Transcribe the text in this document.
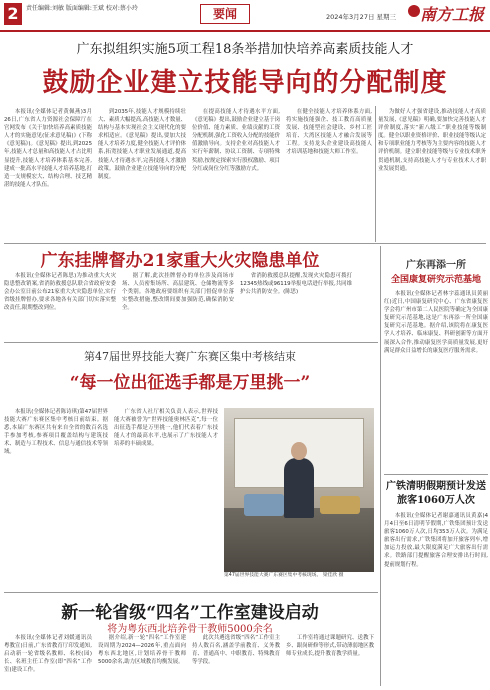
2	责任编辑:刘敏 版面编辑:王斌 校对:蔡小玲	要闻	2024年3月27日 星期三 南方工报
广东拟组织实施5项工程18条举措加快培养高素质技能人才
鼓励企业建立技能导向的分配制度

本报讯(全媒体记者黄佩燕)3月26日,广东省人力资源社会保障厅在官网发布《关于加快培养高素质技能人才的实施意见(征求意见稿)》(下称《意见稿》)。《意见稿》提出,到2025年,技能人才总量和高技能人才占比明显提升,技能人才培养体系基本完善,建成一批高水平技能人才培养基地,打造一支规模宏大、结构合理、技艺精湛的技能人才队伍。

到2035年,技能人才规模持续壮大、素质大幅提高,高技能人才数量、结构与基本实现社会主义现代化的要求相适应。《意见稿》提出,要加大技能人才培养力度,健全技能人才评价体系,拓宽技能人才职业发展通道,提高技能人才待遇水平,完善技能人才激励政策。鼓励企业建立技能导向的分配制度。

在提高技能人才待遇水平方面,《意见稿》提出,鼓励企业建立基于岗位价值、能力素质、业绩贡献的工资分配机制,强化工资收入分配的技能价值激励导向。支持企业对高技能人才实行年薪制、协议工资制、专项特殊奖励,按规定探索实行股权激励、项目分红或岗位分红等激励方式。

在健全技能人才培养体系方面,将实施技能强企、技工教育高质量发展、技能型社会建设、乡村工匠培育、大湾区技能人才融合发展等工程。支持龙头企业建设高技能人才培训基地和技能大师工作室。

为做好人才强省建设,推动技能人才高质量发展,《意见稿》明确,要加快完善技能人才评价制度,落实“新八级工”职业技能等级制度。健全以职业资格评价、职业技能等级认定和专项职业能力考核等为主要内容的技能人才评价机制。建立职业技能等级与专业技术职务贯通机制,支持高技能人才与专业技术人才职业发展贯通。

广东挂牌督办21家重大火灾隐患单位

本报讯(全媒体记者陈思)为推动重大火灾隐患整改销案,省消防救援总队联合省政府安委会办公室日前公布21家重大火灾隐患单位,实行省级挂牌督办,要求各地各有关部门切实落实整改责任,限期整改到位。

据了解,此次挂牌督办的单位涉及商场市场、人员密集场所、高层建筑、仓储物流等多个类别。各地政府要组织有关部门督促单位落实整改措施,整改期间要加强防范,确保消防安全。

省消防救援总队提醒,发现火灾隐患可拨打12345热线或96119举报电话进行举报,共同维护公共消防安全。(陈思)

广东再添一所
全国康复研究示范基地

本报讯(全媒体记者林宇蕊通讯员黄丽红)近日,中国康复研究中心、广东省康复医学会将广州市第二人民医院等确定为全国康复研究示范基地,这是广东再添一所全国康复研究示范基地。据介绍,该院将在康复医学人才培养、临床康复、科研创新等方面开展深入合作,推动康复医学高质量发展,更好满足群众日益增长的康复医疗服务需求。

广铁清明假期预计发送旅客1060万人次

本报讯(全媒体记者谢嘉通讯员黄嘉)4月4日至6日清明节假期,广铁集团预计发送旅客1060万人次,日均353万人次。为满足旅客出行需求,广铁集团将加开旅客列车,增加运力投放,最大限度满足广大旅客出行需求。铁路部门提醒旅客合理安排出行时间,提前规划行程。

第47届世界技能大赛广东赛区集中考核结束
“每一位出征选手都是万里挑一”

本报讯(全媒体记者陈诗琪)第47届世界技能大赛广东赛区集中考核日前结束。据悉,本届广东赛区共有来自全省的数百名选手参加考核,参赛项目覆盖结构与建筑技术、制造与工程技术、信息与通信技术等领域。

广东省人社厅相关负责人表示,世界技能大赛被誉为“世界技能奥林匹克”,每一位出征选手都是万里挑一,他们代表着广东技能人才的最高水平,也展示了广东技能人才培养的丰硕成果。

第47届世界技能大赛广东赛区集中考核现场。 梁佳欣 摄
新一轮省级“四名”工作室建设启动
将为粤东西北培养骨干教师5000余名

本报讯(全媒体记者刘媛通讯员粤教宣)日前,广东省教育厅印发通知,启动新一轮省级名教师、名校(园)长、名班主任工作室(即“四名”工作室)建设工作。

据介绍,新一轮“四名”工作室建设周期为2024—2026年,重点面向粤东西北地区,计划培养骨干教师5000余名,助力区域教育均衡发展。

此次共遴选省级“四名”工作室主持人数百名,涵盖学前教育、义务教育、普通高中、中职教育、特殊教育等学段。

工作室将通过课题研究、送教下乡、跟岗研修等形式,带动薄弱地区教师专业成长,提升教育教学质量。
